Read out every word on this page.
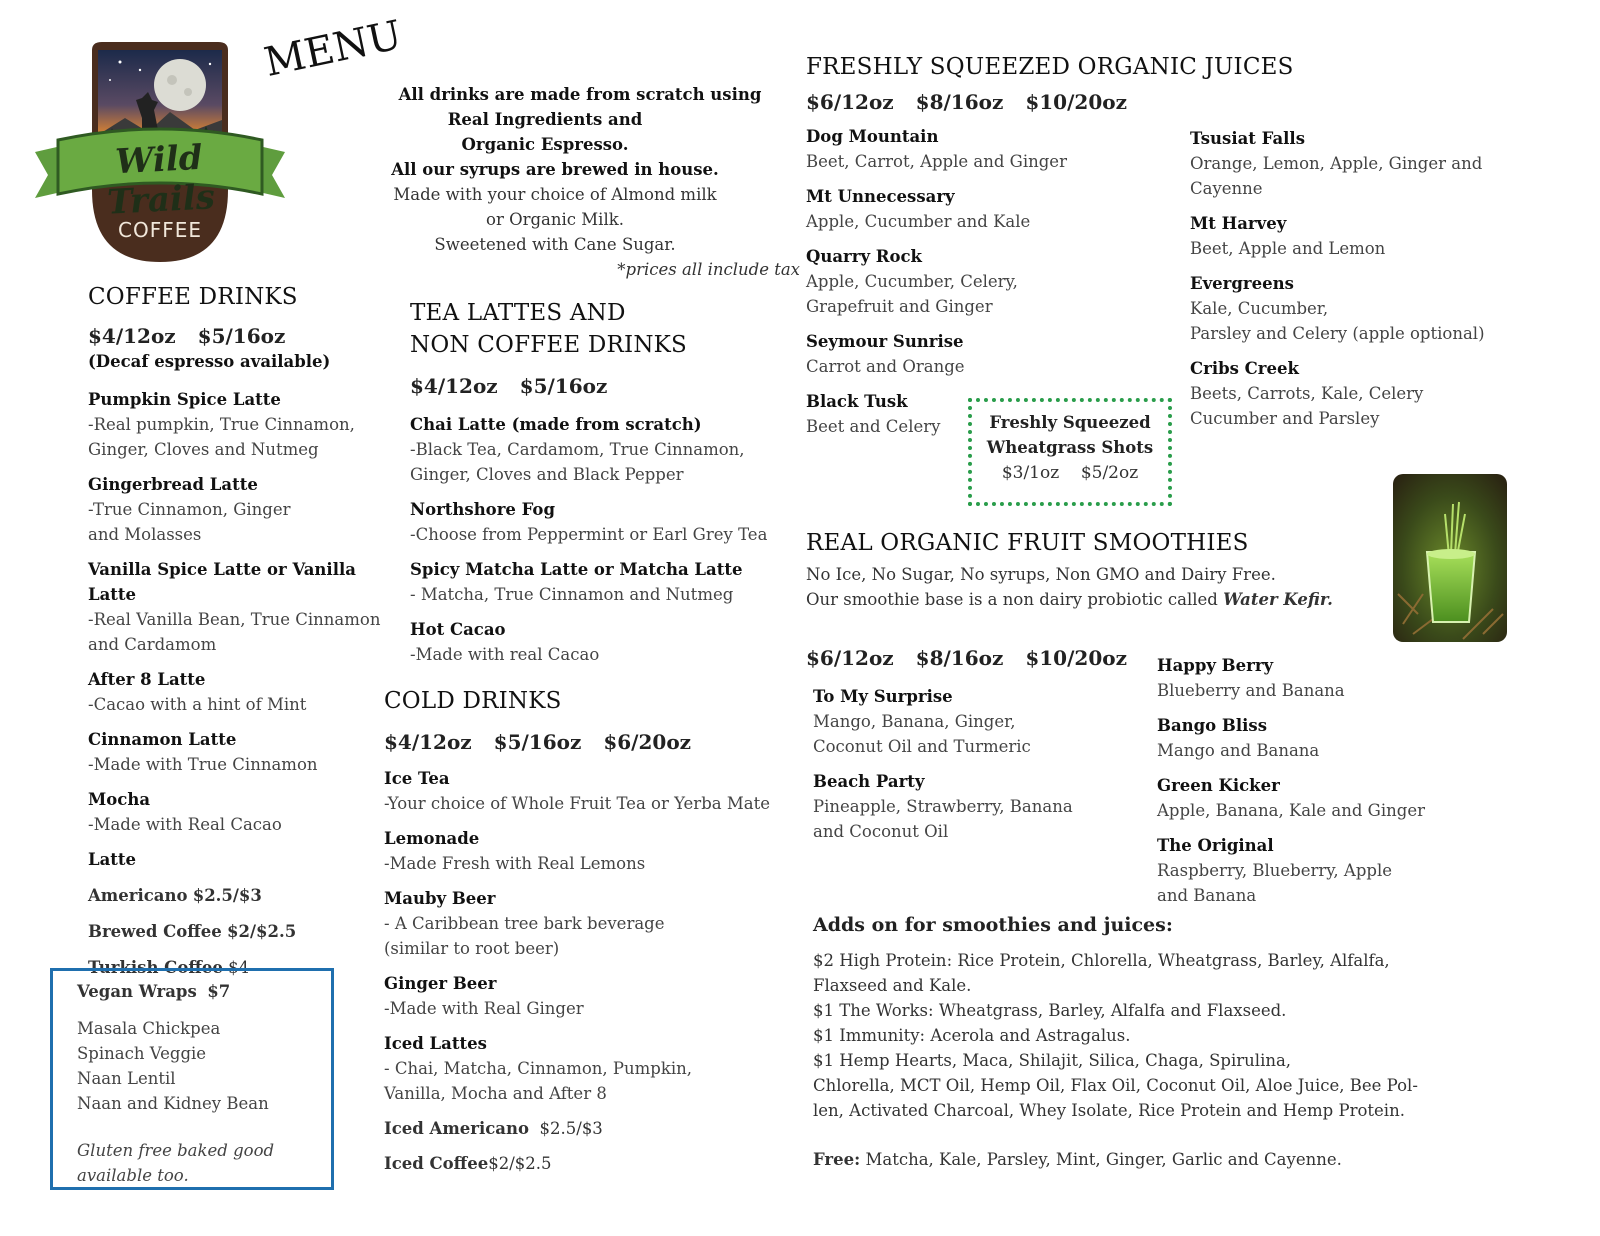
Wild Trails
COFFEE
MENU
All drinks are made from scratch using
Real Ingredients and
Organic Espresso.
All our syrups are brewed in house.
Made with your choice of Almond milk
or Organic Milk.
Sweetened with Cane Sugar.
*prices all include tax
COFFEE DRINKS
$4/12oz $5/16oz
(Decaf espresso available)
Pumpkin Spice Latte
-Real pumpkin, True Cinnamon,
Ginger, Cloves and Nutmeg
Gingerbread Latte
-True Cinnamon, Ginger
and Molasses
Vanilla Spice Latte or Vanilla Latte
-Real Vanilla Bean, True Cinnamon
and Cardamom
After 8 Latte
-Cacao with a hint of Mint
Cinnamon Latte
-Made with True Cinnamon
Mocha
-Made with Real Cacao
Latte
Americano $2.5/$3
Brewed Coffee $2/$2.5
Turkish Coffee $4
Vegan Wraps $7
Masala Chickpea
Spinach Veggie
Naan Lentil
Naan and Kidney Bean
Gluten free baked good
available too.
TEA LATTES AND
NON COFFEE DRINKS
$4/12oz $5/16oz
Chai Latte (made from scratch)
-Black Tea, Cardamom, True Cinnamon,
Ginger, Cloves and Black Pepper
Northshore Fog
-Choose from Peppermint or Earl Grey Tea
Spicy Matcha Latte or Matcha Latte
- Matcha, True Cinnamon and Nutmeg
Hot Cacao
-Made with real Cacao
COLD DRINKS
$4/12oz $5/16oz $6/20oz
Ice Tea
-Your choice of Whole Fruit Tea or Yerba Mate
Lemonade
-Made Fresh with Real Lemons
Mauby Beer
- A Caribbean tree bark beverage
(similar to root beer)
Ginger Beer
-Made with Real Ginger
Iced Lattes
- Chai, Matcha, Cinnamon, Pumpkin,
Vanilla, Mocha and After 8
Iced Americano $2.5/$3
Iced Coffee$2/$2.5
FRESHLY SQUEEZED ORGANIC JUICES
$6/12oz $8/16oz $10/20oz
Dog Mountain
Beet, Carrot, Apple and Ginger
Mt Unnecessary
Apple, Cucumber and Kale
Quarry Rock
Apple, Cucumber, Celery,
Grapefruit and Ginger
Seymour Sunrise
Carrot and Orange
Black Tusk
Beet and Celery	Freshly Squeezed
Wheatgrass Shots
$3/1oz $5/2oz
Tsusiat Falls
Orange, Lemon, Apple, Ginger and
Cayenne
Mt Harvey
Beet, Apple and Lemon
Evergreens
Kale, Cucumber,
Parsley and Celery (apple optional)
Cribs Creek
Beets, Carrots, Kale, Celery
Cucumber and Parsley
REAL ORGANIC FRUIT SMOOTHIES
No Ice, No Sugar, No syrups, Non GMO and Dairy Free.
Our smoothie base is a non dairy probiotic called Water Kefir.
$6/12oz $8/16oz $10/20oz
To My Surprise
Mango, Banana, Ginger,
Coconut Oil and Turmeric
Beach Party
Pineapple, Strawberry, Banana
and Coconut Oil
Happy Berry
Blueberry and Banana
Bango Bliss
Mango and Banana
Green Kicker
Apple, Banana, Kale and Ginger
The Original
Raspberry, Blueberry, Apple
and Banana
Adds on for smoothies and juices:
$2 High Protein: Rice Protein, Chlorella, Wheatgrass, Barley, Alfalfa,
Flaxseed and Kale.
$1 The Works: Wheatgrass, Barley, Alfalfa and Flaxseed.
$1 Immunity: Acerola and Astragalus.
$1 Hemp Hearts, Maca, Shilajit, Silica, Chaga, Spirulina,
Chlorella, MCT Oil, Hemp Oil, Flax Oil, Coconut Oil, Aloe Juice, Bee Pol-
len, Activated Charcoal, Whey Isolate, Rice Protein and Hemp Protein.
Free: Matcha, Kale, Parsley, Mint, Ginger, Garlic and Cayenne.
